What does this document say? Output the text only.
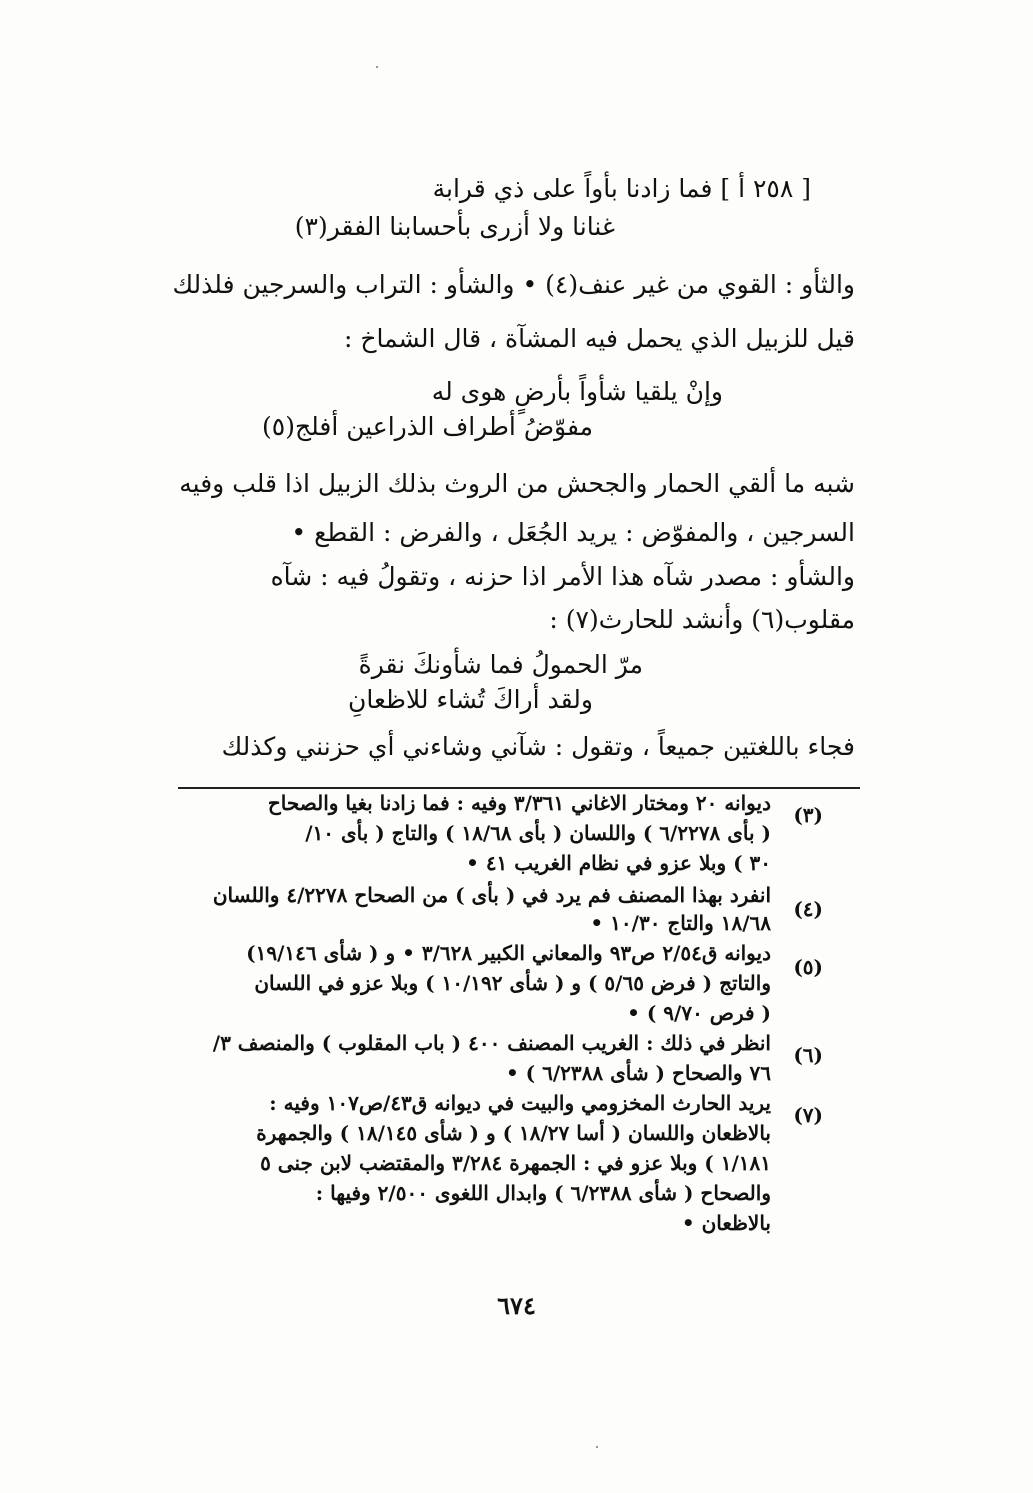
[ ٢٥٨ أ ] فما زادنا بأواً على ذي قرابة
غنانا ولا أزرى بأحسابنا الفقر(٣)
والثأو : القوي من غير عنف(٤) • والشأو : التراب والسرجين فلذلك
قيل للزبيل الذي يحمل فيه المشآة ، قال الشماخ :
وإنْ يلقيا شأواً بأرضٍ هوى له
مفوّضُ أطراف الذراعين أفلج(٥)
شبه ما ألقي الحمار والجحش من الروث بذلك الزبيل اذا قلب وفيه
السرجين ، والمفوّض : يريد الجُعَل ، والفرض : القطع •
والشأو : مصدر شآه هذا الأمر اذا حزنه ، وتقولُ فيه : شآه
مقلوب(٦) وأنشد للحارث(٧) :
مرّ الحمولُ فما شأونكَ نقرةً
ولقد أراكَ تُشاء للاظعانِ
فجاء باللغتين جميعاً ، وتقول : شآني وشاءني أي حزنني وكذلك
(٣)
ديوانه ٢٠ ومختار الاغاني ٣/٣٦١ وفيه : فما زادنا بغيا والصحاح
( بأى ٦/٢٢٧٨ ) واللسان ( بأى ١٨/٦٨ ) والتاج ( بأى ١٠/
٣٠ ) وبلا عزو في نظام الغريب ٤١ •
(٤)
انفرد بهذا المصنف فم يرد في ( بأى ) من الصحاح ٤/٢٢٧٨ واللسان
١٨/٦٨ والتاج ١٠/٣٠ •
(٥)
ديوانه ق٢/٥٤ ص٩٣ والمعاني الكبير ٣/٦٢٨ • و ( شأى ١٩/١٤٦)
والتاتج ( فرض ٥/٦٥ ) و ( شأى ١٠/١٩٢ ) وبلا عزو في اللسان
( فرص ٩/٧٠ ) •
(٦)
انظر في ذلك : الغريب المصنف ٤٠٠ ( باب المقلوب ) والمنصف ٣/
٧٦ والصحاح ( شأى ٦/٢٣٨٨ ) •
(٧)
يريد الحارث المخزومي والبيت في ديوانه ق٤٣/ص١٠٧ وفيه :
بالاظعان واللسان ( أسا ١٨/٢٧ ) و ( شأى ١٨/١٤٥ ) والجمهرة
١/١٨١ ) وبلا عزو في : الجمهرة ٣/٢٨٤ والمقتضب لابن جنى ٥
والصحاح ( شأى ٦/٢٣٨٨ ) وابدال اللغوى ٢/٥٠٠ وفيها :
بالاظعان •
٦٧٤
